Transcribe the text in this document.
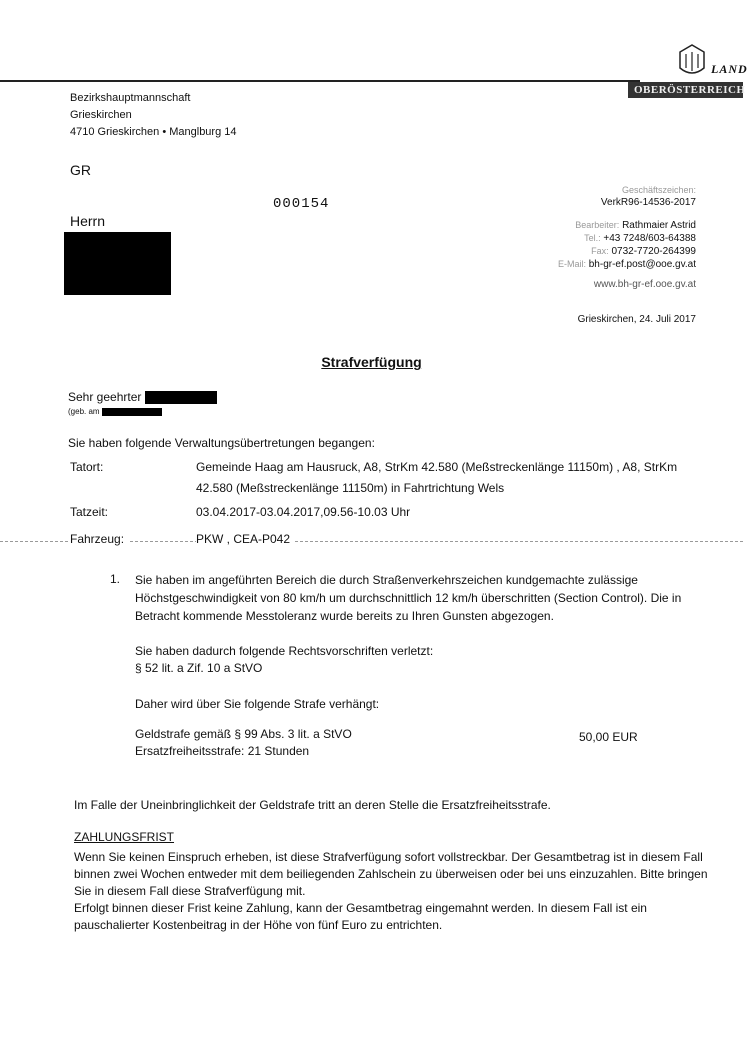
LAND
OBERÖSTERREICH
Bezirkshauptmannschaft
Grieskirchen
4710 Grieskirchen • Manglburg 14
GR
000154
Herrn
Geschäftszeichen:
VerkR96-14536-2017
Bearbeiter: Rathmaier Astrid
Tel.: +43 7248/603-64388
Fax: 0732-7720-264399
E-Mail: bh-gr-ef.post@ooe.gv.at
www.bh-gr-ef.ooe.gv.at
Grieskirchen, 24. Juli 2017
Strafverfügung
Sehr geehrter
(geb. am
Sie haben folgende Verwaltungsübertretungen begangen:
Tatort:	Gemeinde Haag am Hausruck, A8, StrKm 42.580 (Meßstreckenlänge 11150m) , A8, StrKm 42.580 (Meßstreckenlänge 11150m) in Fahrtrichtung Wels
Tatzeit:	03.04.2017-03.04.2017,09.56-10.03 Uhr
Fahrzeug:	PKW , CEA-P042
1. Sie haben im angeführten Bereich die durch Straßenverkehrszeichen kundgemachte zulässige Höchstgeschwindigkeit von 80 km/h um durchschnittlich 12 km/h überschritten (Section Control). Die in Betracht kommende Messtoleranz wurde bereits zu Ihren Gunsten abgezogen.
Sie haben dadurch folgende Rechtsvorschriften verletzt:
§ 52 lit. a Zif. 10 a StVO
Daher wird über Sie folgende Strafe verhängt:
Geldstrafe gemäß § 99 Abs. 3 lit. a StVO	50,00 EUR
Ersatzfreiheitsstrafe: 21 Stunden
Im Falle der Uneinbringlichkeit der Geldstrafe tritt an deren Stelle die Ersatzfreiheitsstrafe.
ZAHLUNGSFRIST
Wenn Sie keinen Einspruch erheben, ist diese Strafverfügung sofort vollstreckbar. Der Gesamtbetrag ist in diesem Fall binnen zwei Wochen entweder mit dem beiliegenden Zahlschein zu überweisen oder bei uns einzuzahlen. Bitte bringen Sie in diesem Fall diese Strafverfügung mit.
Erfolgt binnen dieser Frist keine Zahlung, kann der Gesamtbetrag eingemahnt werden. In diesem Fall ist ein pauschalierter Kostenbeitrag in der Höhe von fünf Euro zu entrichten.
